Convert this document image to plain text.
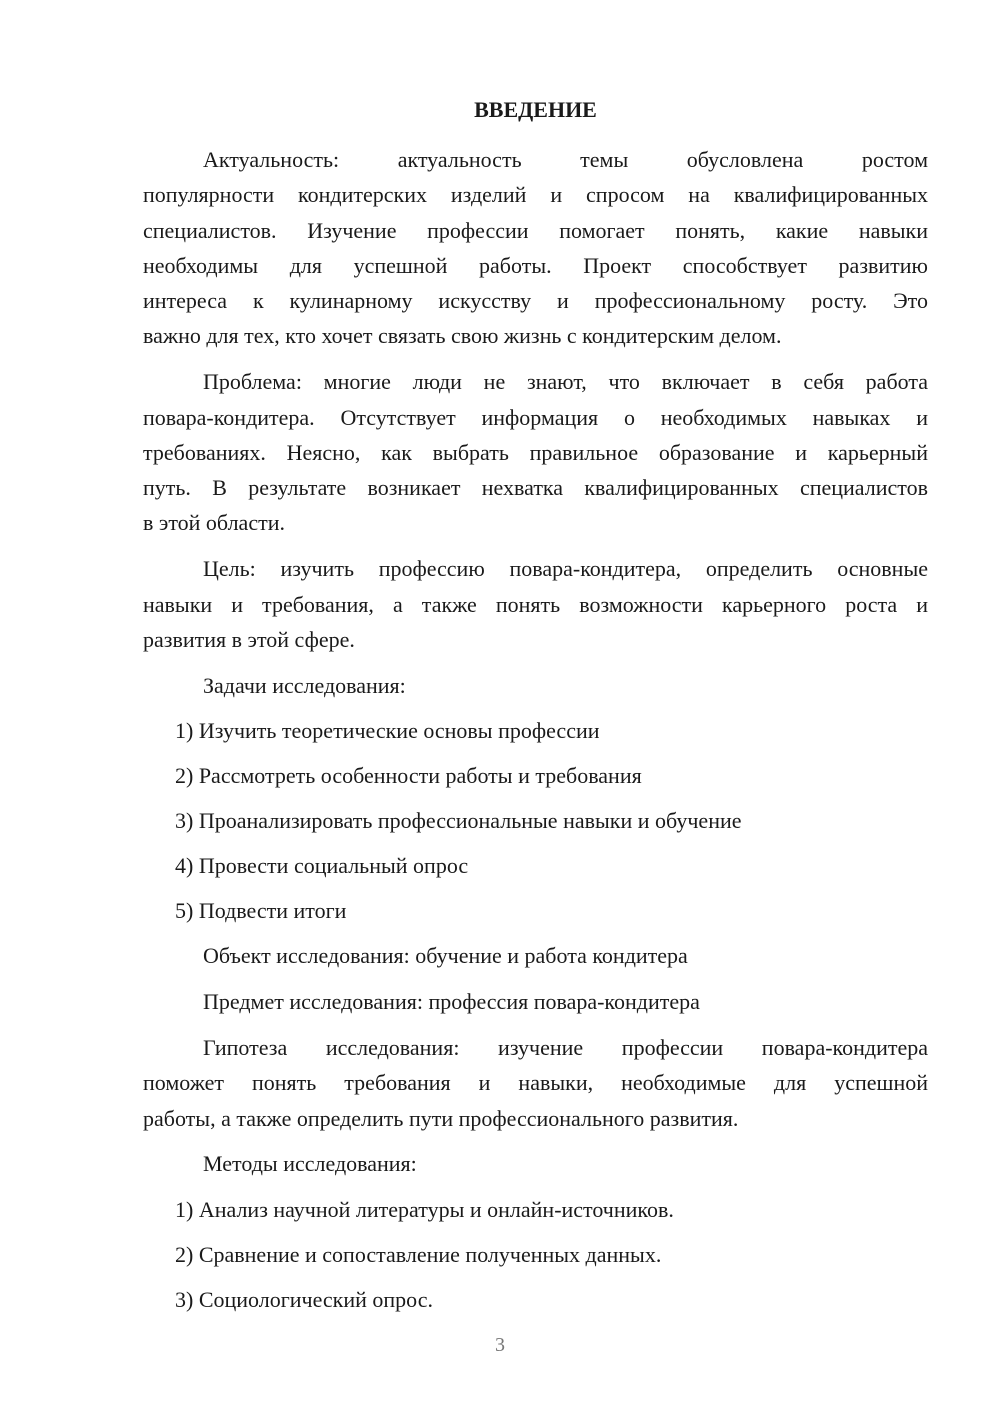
ВВЕДЕНИЕ
Актуальность: актуальность темы обусловлена ростом
популярности кондитерских изделий и спросом на квалифицированных
специалистов. Изучение профессии помогает понять, какие навыки
необходимы для успешной работы. Проект способствует развитию
интереса к кулинарному искусству и профессиональному росту. Это
важно для тех, кто хочет связать свою жизнь с кондитерским делом.
Проблема: многие люди не знают, что включает в себя работа
повара-кондитера. Отсутствует информация о необходимых навыках и
требованиях. Неясно, как выбрать правильное образование и карьерный
путь. В результате возникает нехватка квалифицированных специалистов
в этой области.
Цель: изучить профессию повара-кондитера, определить основные
навыки и требования, а также понять возможности карьерного роста и
развития в этой сфере.
Задачи исследования:
1) Изучить теоретические основы профессии
2) Рассмотреть особенности работы и требования
3) Проанализировать профессиональные навыки и обучение
4) Провести социальный опрос
5) Подвести итоги
Объект исследования: обучение и работа кондитера
Предмет исследования: профессия повара-кондитера
Гипотеза исследования: изучение профессии повара-кондитера
поможет понять требования и навыки, необходимые для успешной
работы, а также определить пути профессионального развития.
Методы исследования:
1) Анализ научной литературы и онлайн-источников.
2) Сравнение и сопоставление полученных данных.
3) Социологический опрос.
3
